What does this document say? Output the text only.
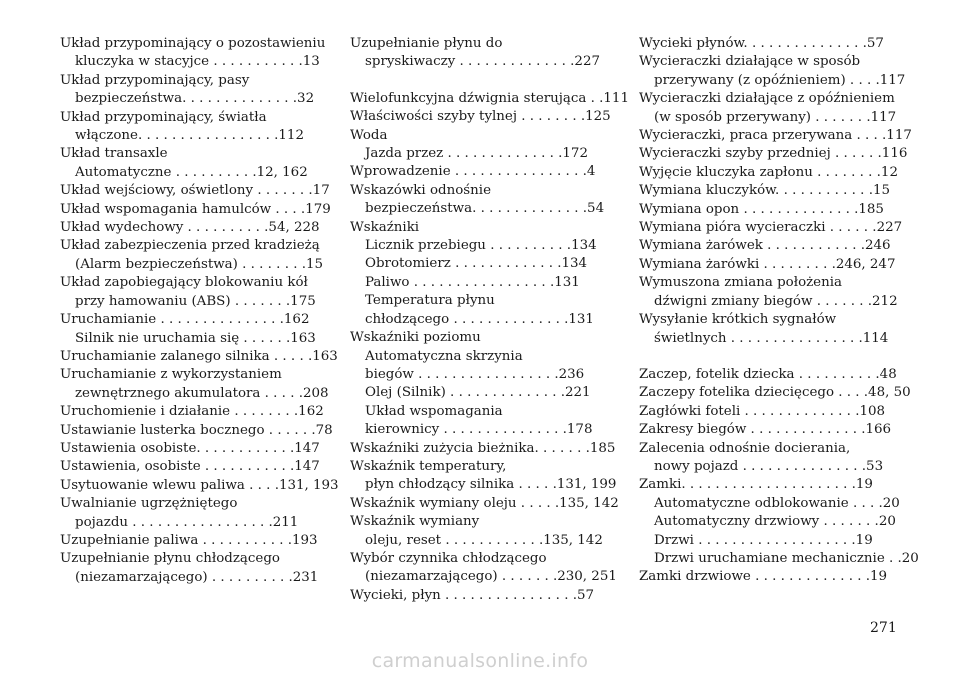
Układ przypominający o pozostawieniu
kluczyka w stacyjce . . . . . . . . . . .13
Układ przypominający, pasy
bezpieczeństwa. . . . . . . . . . . . . .32
Układ przypominający, światła
włączone. . . . . . . . . . . . . . . . .112
Układ transaxle
Automatyczne . . . . . . . . . .12, 162
Układ wejściowy, oświetlony . . . . . . .17
Układ wspomagania hamulców . . . .179
Układ wydechowy . . . . . . . . . .54, 228
Układ zabezpieczenia przed kradzieżą
(Alarm bezpieczeństwa) . . . . . . . .15
Układ zapobiegający blokowaniu kół
przy hamowaniu (ABS) . . . . . . .175
Uruchamianie . . . . . . . . . . . . . . .162
Silnik nie uruchamia się . . . . . .163
Uruchamianie zalanego silnika . . . . .163
Uruchamianie z wykorzystaniem
zewnętrznego akumulatora . . . . .208
Uruchomienie i działanie . . . . . . . .162
Ustawianie lusterka bocznego . . . . . .78
Ustawienia osobiste. . . . . . . . . . . .147
Ustawienia, osobiste . . . . . . . . . . .147
Usytuowanie wlewu paliwa . . . .131, 193
Uwalnianie ugrzężniętego
pojazdu . . . . . . . . . . . . . . . . .211
Uzupełnianie paliwa . . . . . . . . . . .193
Uzupełnianie płynu chłodzącego
(niezamarzającego) . . . . . . . . . .231
Uzupełnianie płynu do
spryskiwaczy . . . . . . . . . . . . . .227
Wielofunkcyjna dźwignia sterująca . .111
Właściwości szyby tylnej . . . . . . . .125
Woda
Jazda przez . . . . . . . . . . . . . .172
Wprowadzenie . . . . . . . . . . . . . . . .4
Wskazówki odnośnie
bezpieczeństwa. . . . . . . . . . . . . .54
Wskaźniki
Licznik przebiegu . . . . . . . . . .134
Obrotomierz . . . . . . . . . . . . .134
Paliwo . . . . . . . . . . . . . . . . .131
Temperatura płynu
chłodzącego . . . . . . . . . . . . . .131
Wskaźniki poziomu
Automatyczna skrzynia
biegów . . . . . . . . . . . . . . . . .236
Olej (Silnik) . . . . . . . . . . . . . .221
Układ wspomagania
kierownicy . . . . . . . . . . . . . . .178
Wskaźniki zużycia bieżnika. . . . . . .185
Wskaźnik temperatury,
płyn chłodzący silnika . . . . .131, 199
Wskaźnik wymiany oleju . . . . .135, 142
Wskaźnik wymiany
oleju, reset . . . . . . . . . . . .135, 142
Wybór czynnika chłodzącego
(niezamarzającego) . . . . . . .230, 251
Wycieki, płyn . . . . . . . . . . . . . . . .57
Wycieki płynów. . . . . . . . . . . . . . .57
Wycieraczki działające w sposób
przerywany (z opóźnieniem) . . . .117
Wycieraczki działające z opóźnieniem
(w sposób przerywany) . . . . . . .117
Wycieraczki, praca przerywana . . . .117
Wycieraczki szyby przedniej . . . . . .116
Wyjęcie kluczyka zapłonu . . . . . . . .12
Wymiana kluczyków. . . . . . . . . . . .15
Wymiana opon . . . . . . . . . . . . . .185
Wymiana pióra wycieraczki . . . . . .227
Wymiana żarówek . . . . . . . . . . . .246
Wymiana żarówki . . . . . . . . .246, 247
Wymuszona zmiana położenia
dźwigni zmiany biegów . . . . . . .212
Wysyłanie krótkich sygnałów
świetlnych . . . . . . . . . . . . . . . .114
Zaczep, fotelik dziecka . . . . . . . . . .48
Zaczepy fotelika dziecięcego . . . .48, 50
Zagłówki foteli . . . . . . . . . . . . . .108
Zakresy biegów . . . . . . . . . . . . . .166
Zalecenia odnośnie docierania,
nowy pojazd . . . . . . . . . . . . . . .53
Zamki. . . . . . . . . . . . . . . . . . . . .19
Automatyczne odblokowanie . . . .20
Automatyczny drzwiowy . . . . . . .20
Drzwi . . . . . . . . . . . . . . . . . . .19
Drzwi uruchamiane mechanicznie . .20
Zamki drzwiowe . . . . . . . . . . . . . .19
271
carmanualsonline.info
